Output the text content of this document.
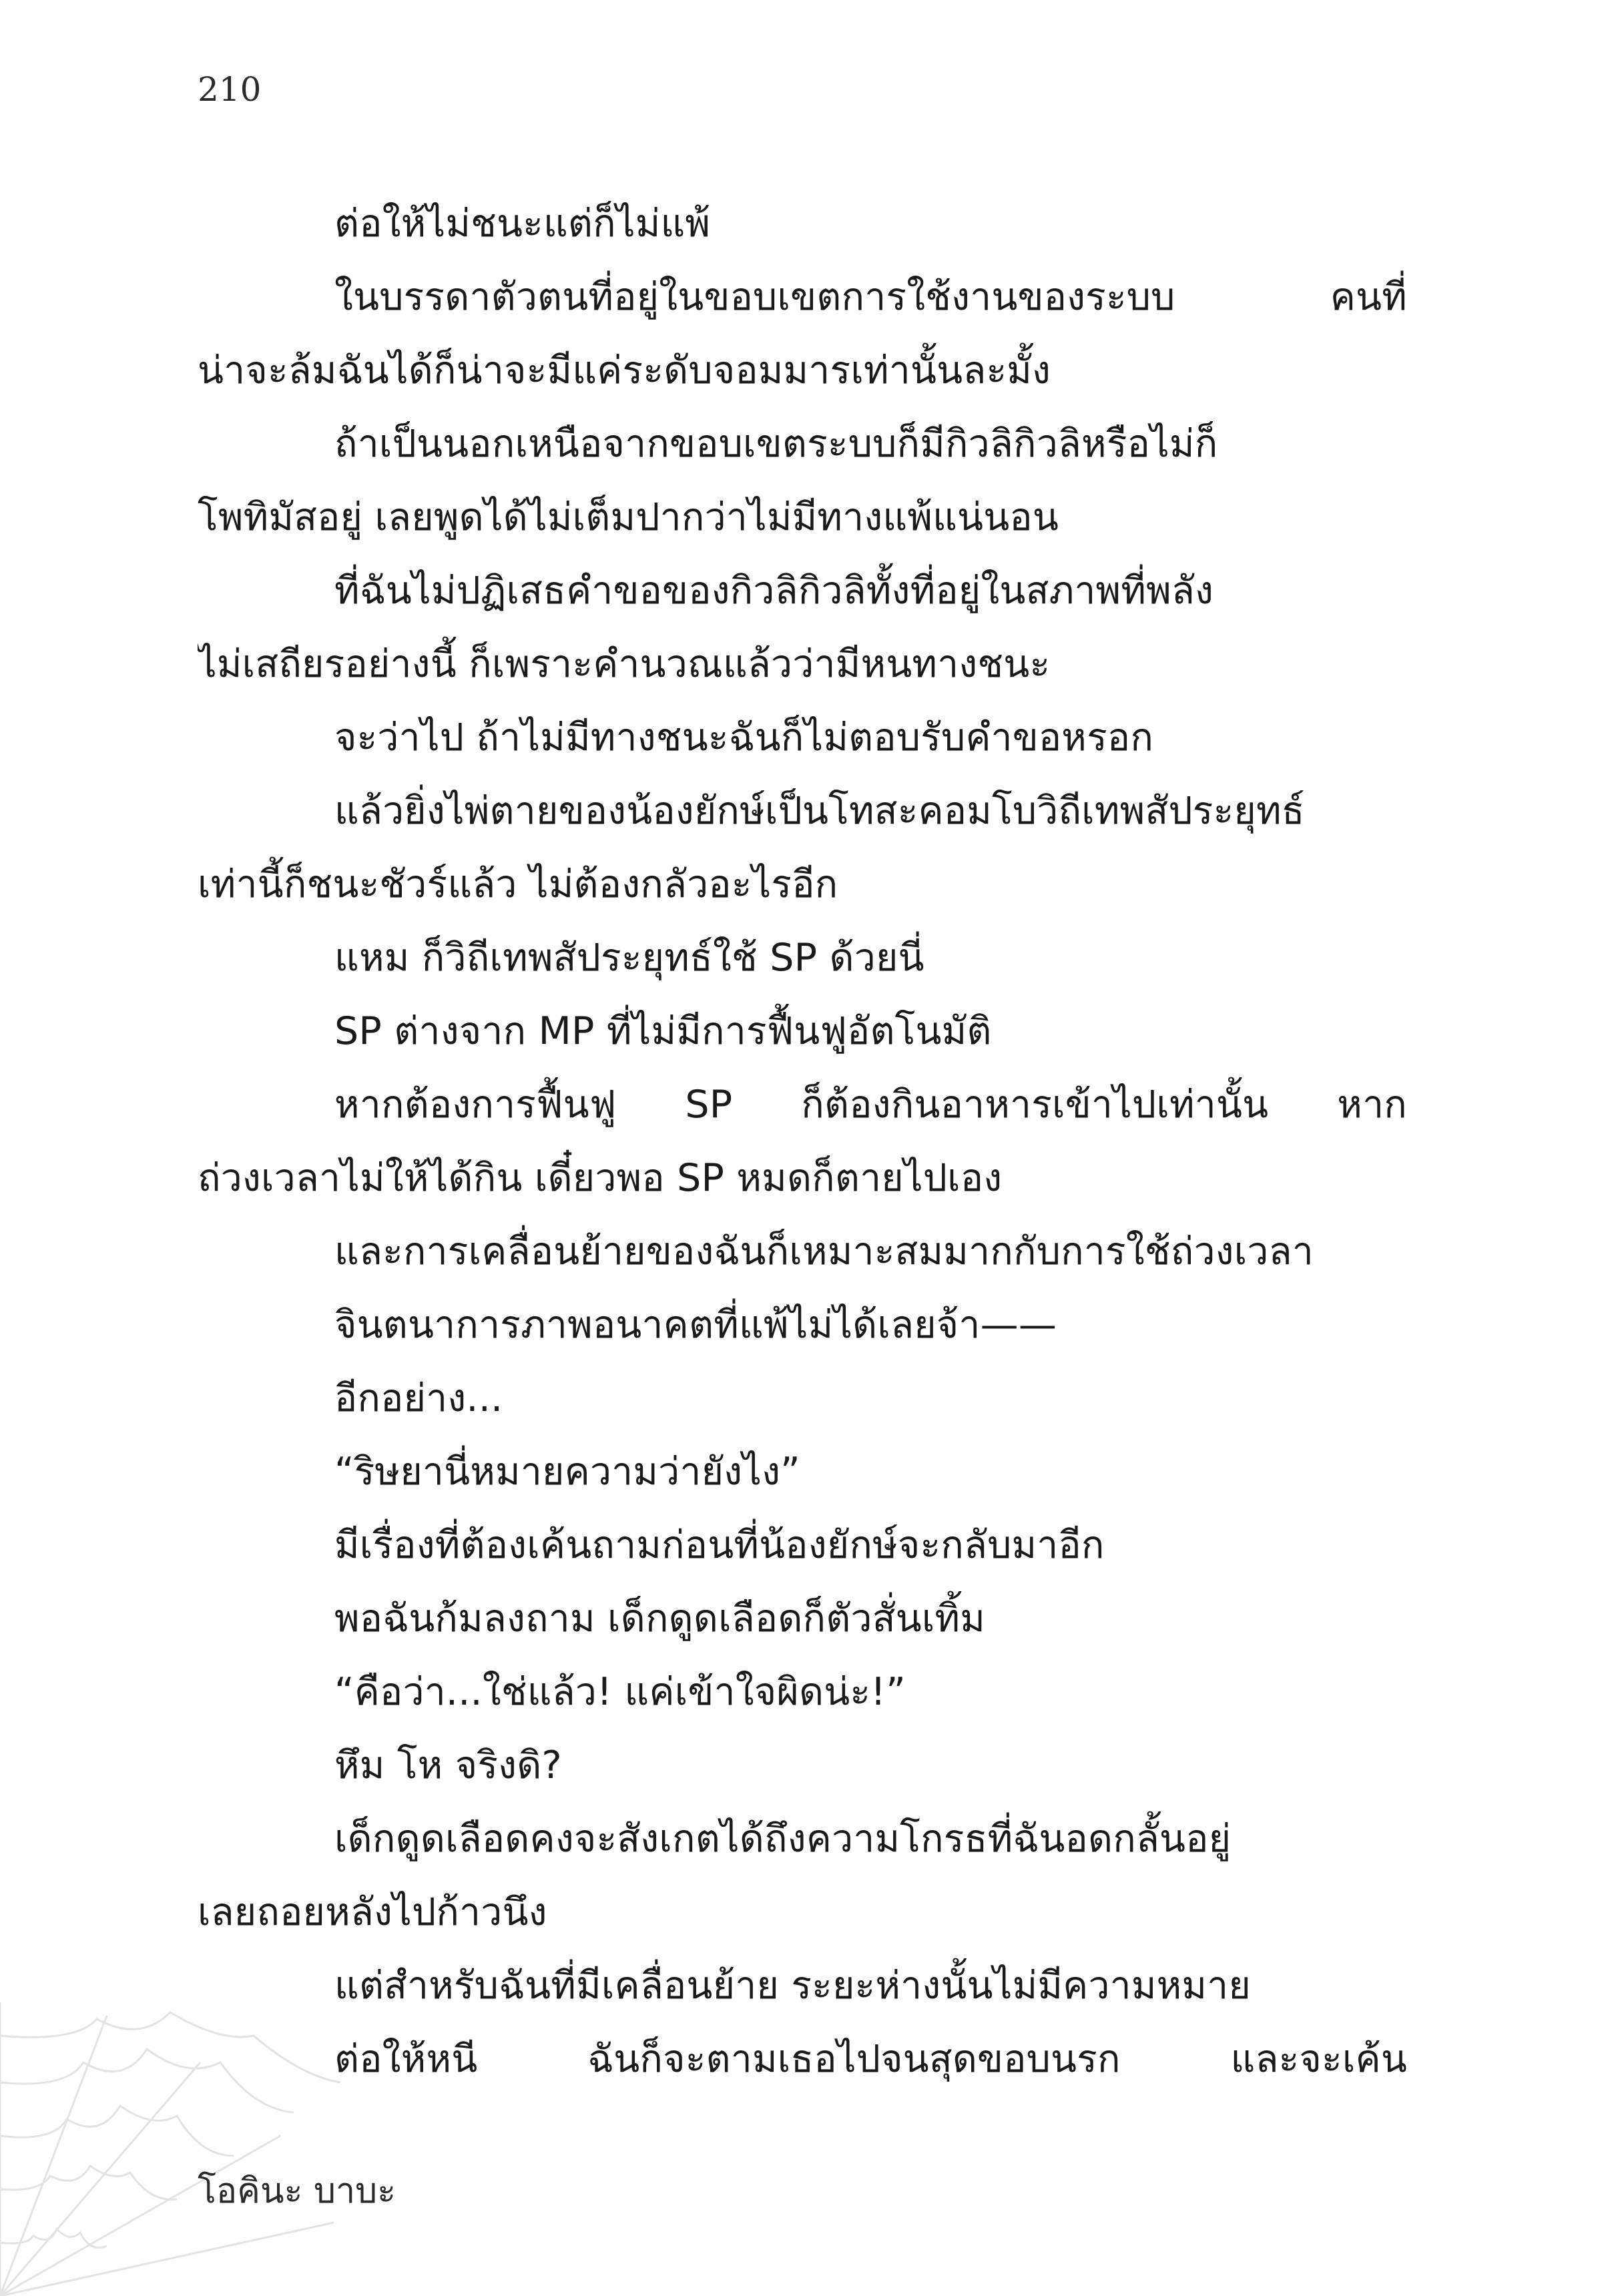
210
ต่อให้ไม่ชนะแต่ก็ไม่แพ้
ในบรรดาตัวตนที่อยู่ในขอบเขตการใช้งานของระบบ คนที่
น่าจะล้มฉันได้ก็น่าจะมีแค่ระดับจอมมารเท่านั้นละมั้ง
ถ้าเป็นนอกเหนือจากขอบเขตระบบก็มีกิวลิกิวลิหรือไม่ก็
โพทิมัสอยู่ เลยพูดได้ไม่เต็มปากว่าไม่มีทางแพ้แน่นอน
ที่ฉันไม่ปฏิเสธคำขอของกิวลิกิวลิทั้งที่อยู่ในสภาพที่พลัง
ไม่เสถียรอย่างนี้ ก็เพราะคำนวณแล้วว่ามีหนทางชนะ
จะว่าไป ถ้าไม่มีทางชนะฉันก็ไม่ตอบรับคำขอหรอก
แล้วยิ่งไพ่ตายของน้องยักษ์เป็นโทสะคอมโบวิถีเทพสัประยุทธ์
เท่านี้ก็ชนะชัวร์แล้ว ไม่ต้องกลัวอะไรอีก
แหม ก็วิถีเทพสัประยุทธ์ใช้ SP ด้วยนี่
SP ต่างจาก MP ที่ไม่มีการฟื้นฟูอัตโนมัติ
หากต้องการฟื้นฟู SP ก็ต้องกินอาหารเข้าไปเท่านั้น หาก
ถ่วงเวลาไม่ให้ได้กิน เดี๋ยวพอ SP หมดก็ตายไปเอง
และการเคลื่อนย้ายของฉันก็เหมาะสมมากกับการใช้ถ่วงเวลา
จินตนาการภาพอนาคตที่แพ้ไม่ได้เลยจ้า——
อีกอย่าง...
“ริษยานี่หมายความว่ายังไง”
มีเรื่องที่ต้องเค้นถามก่อนที่น้องยักษ์จะกลับมาอีก
พอฉันก้มลงถาม เด็กดูดเลือดก็ตัวสั่นเทิ้ม
“คือว่า...ใช่แล้ว! แค่เข้าใจผิดน่ะ!”
หึม โห จริงดิ?
เด็กดูดเลือดคงจะสังเกตได้ถึงความโกรธที่ฉันอดกลั้นอยู่
เลยถอยหลังไปก้าวนึง
แต่สำหรับฉันที่มีเคลื่อนย้าย ระยะห่างนั้นไม่มีความหมาย
ต่อให้หนี ฉันก็จะตามเธอไปจนสุดขอบนรก และจะเค้น
โอคินะ บาบะ
